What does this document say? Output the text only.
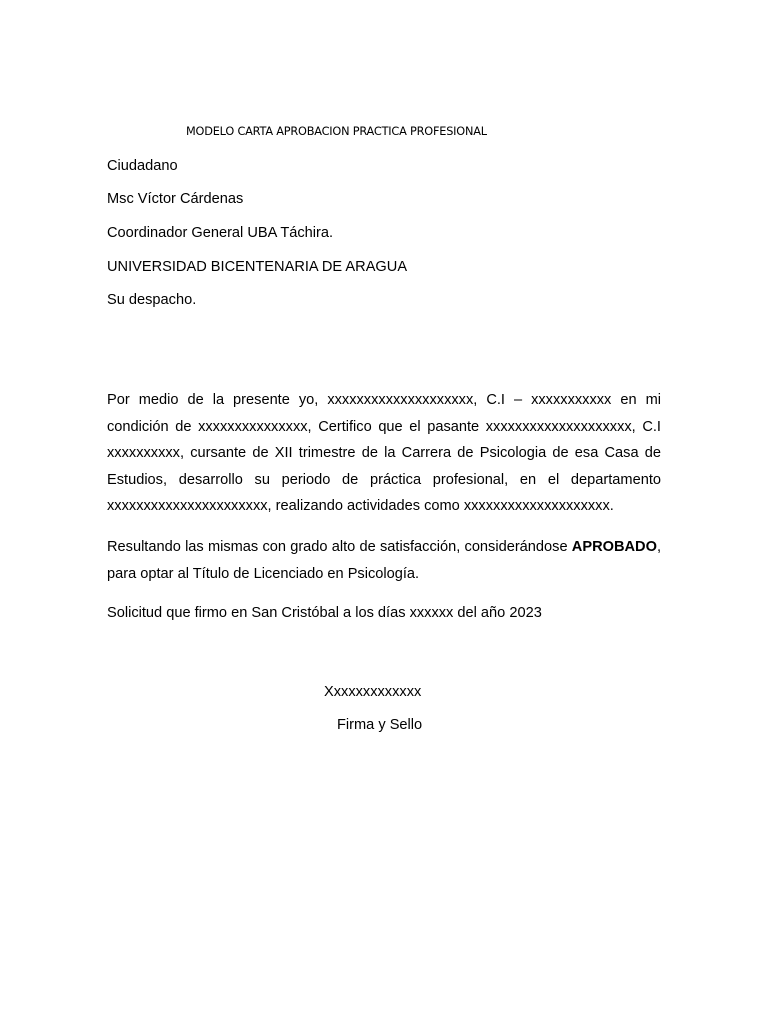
MODELO CARTA APROBACION PRACTICA PROFESIONAL
Ciudadano
Msc Víctor Cárdenas
Coordinador General UBA Táchira.
UNIVERSIDAD BICENTENARIA DE ARAGUA
Su despacho.

Por medio de la presente yo, xxxxxxxxxxxxxxxxxxxx, C.I – xxxxxxxxxxx en mi condición de xxxxxxxxxxxxxxx, Certifico que el pasante xxxxxxxxxxxxxxxxxxxx, C.I xxxxxxxxxx, cursante de XII trimestre de la Carrera de Psicologia de esa Casa de Estudios, desarrollo su periodo de práctica profesional, en el departamento xxxxxxxxxxxxxxxxxxxxxx, realizando actividades como xxxxxxxxxxxxxxxxxxxx.

Resultando las mismas con grado alto de satisfacción, considerándose APROBADO, para optar al Título de Licenciado en Psicología.

Solicitud que firmo en San Cristóbal a los días xxxxxx del año 2023
Xxxxxxxxxxxxx
Firma y Sello
